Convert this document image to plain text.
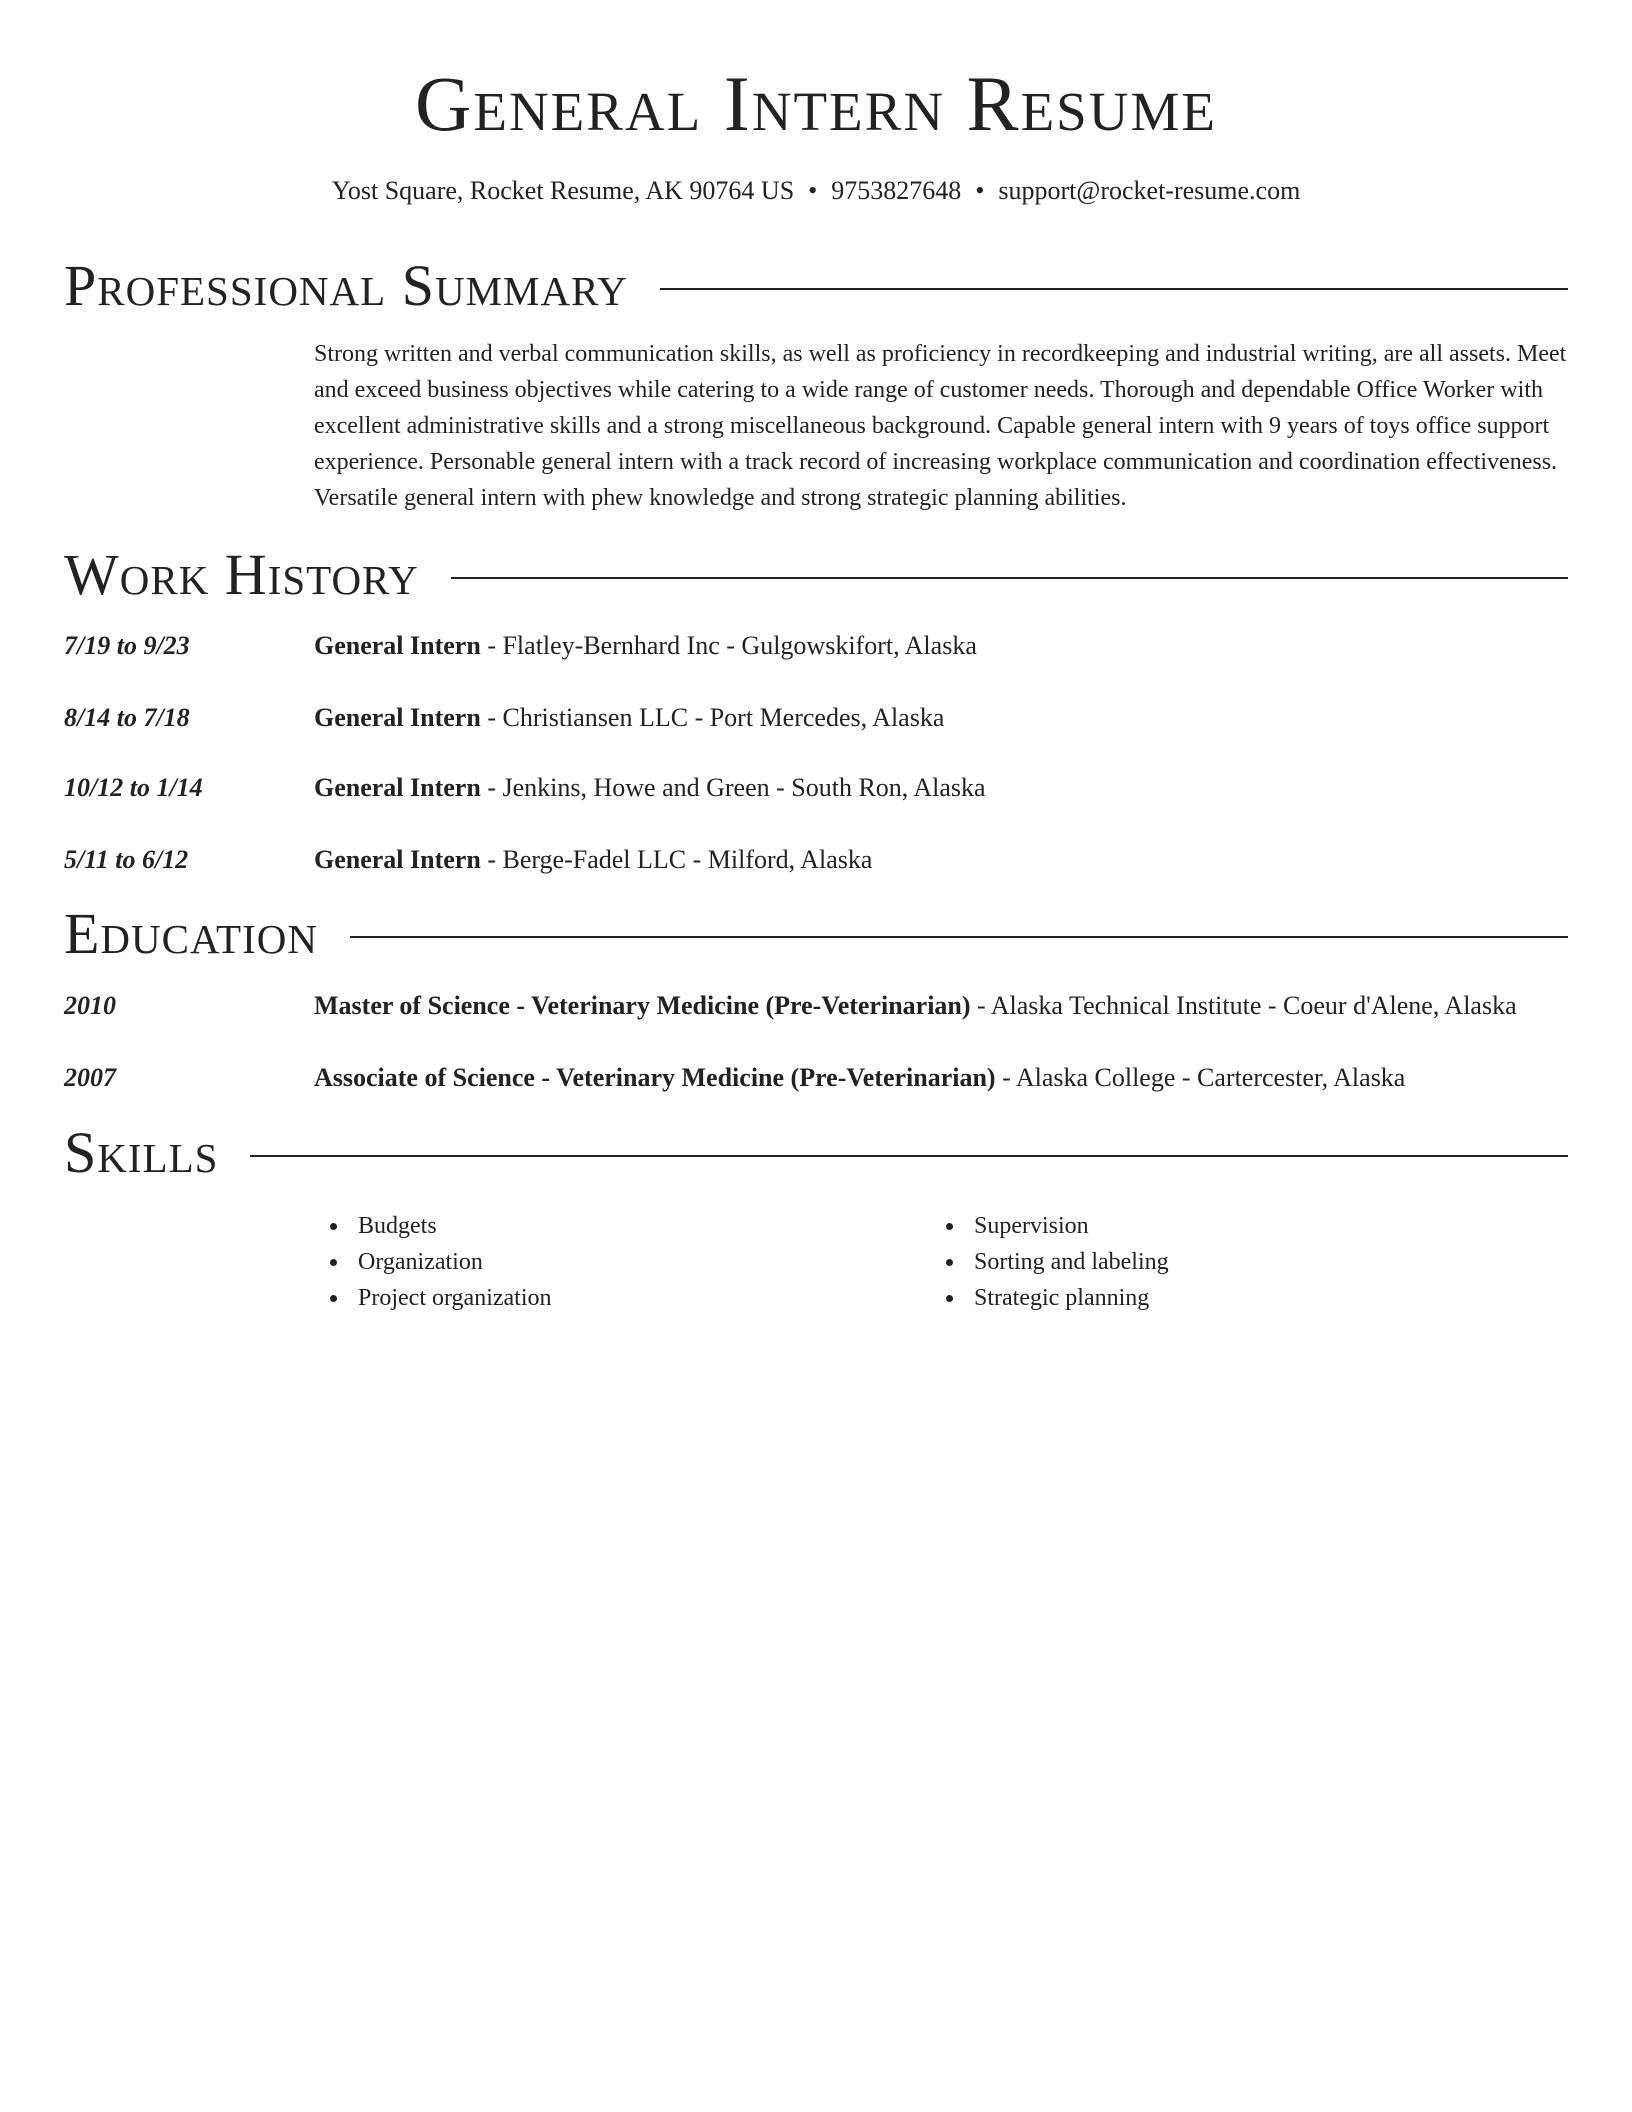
General Intern Resume
Yost Square, Rocket Resume, AK 90764 US • 9753827648 • support@rocket-resume.com
Professional Summary

Strong written and verbal communication skills, as well as proficiency in recordkeeping and industrial writing, are all assets. Meet and exceed business objectives while catering to a wide range of customer needs. Thorough and dependable Office Worker with excellent administrative skills and a strong miscellaneous background. Capable general intern with 9 years of toys office support experience. Personable general intern with a track record of increasing workplace communication and coordination effectiveness. Versatile general intern with phew knowledge and strong strategic planning abilities.

Work History
7/19 to 9/23	General Intern - Flatley-Bernhard Inc - Gulgowskifort, Alaska
8/14 to 7/18	General Intern - Christiansen LLC - Port Mercedes, Alaska
10/12 to 1/14	General Intern - Jenkins, Howe and Green - South Ron, Alaska
5/11 to 6/12	General Intern - Berge-Fadel LLC - Milford, Alaska
Education
2010	Master of Science - Veterinary Medicine (Pre-Veterinarian) - Alaska Technical Institute - Coeur d'Alene, Alaska
2007	Associate of Science - Veterinary Medicine (Pre-Veterinarian) - Alaska College - Cartercester, Alaska
Skills
Budgets
Organization
Project organization
Supervision
Sorting and labeling
Strategic planning
